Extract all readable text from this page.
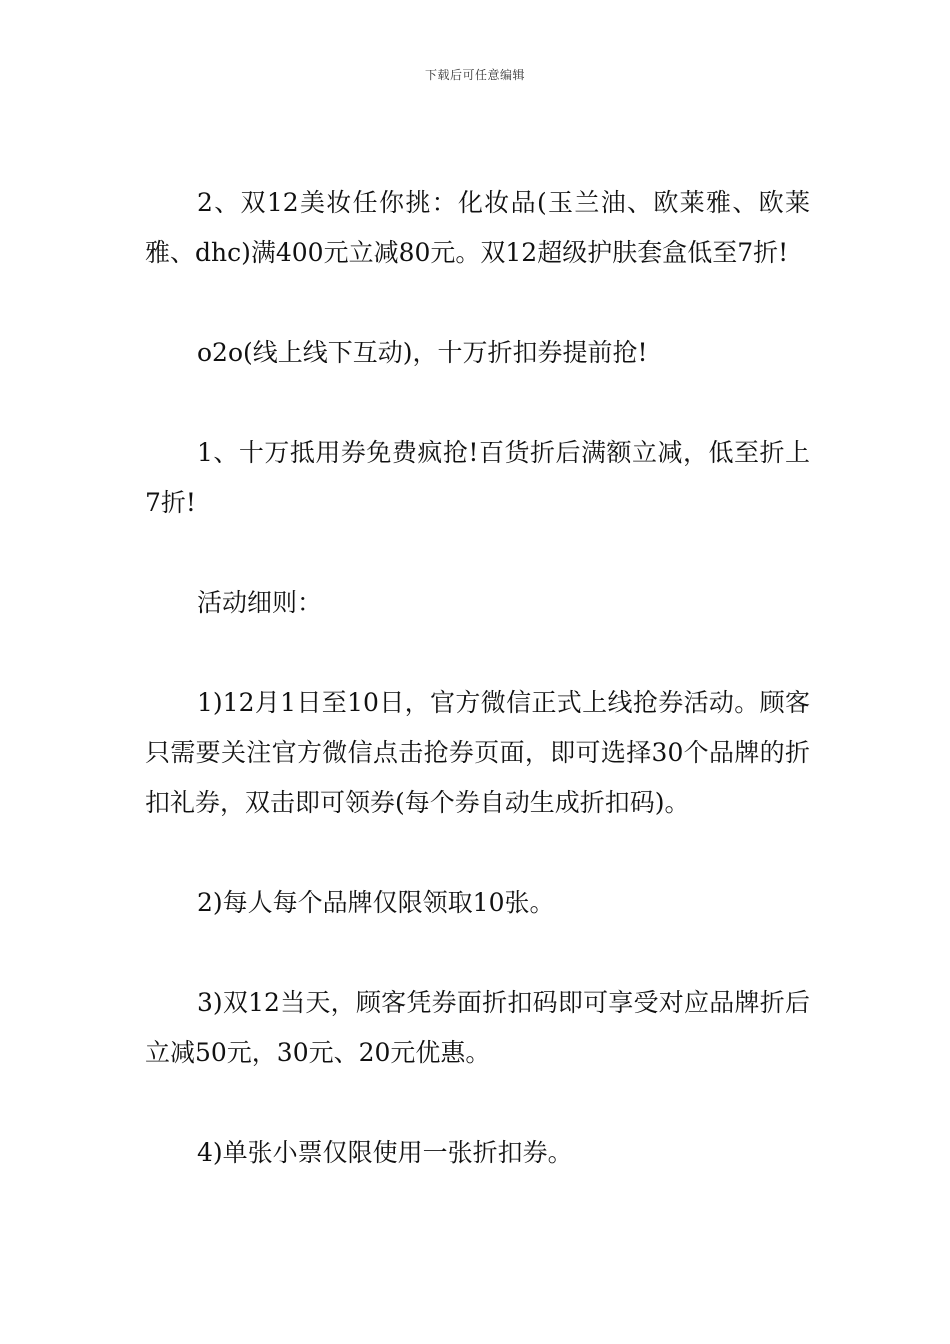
下载后可任意编辑

2、双12美妆任你挑：化妆品(玉兰油、欧莱雅、欧莱雅、dhc)满400元立减80元。双12超级护肤套盒低至7折!

o2o(线上线下互动)，十万折扣券提前抢!

1、十万抵用券免费疯抢!百货折后满额立减，低至折上7折!

活动细则：

1)12月1日至10日，官方微信正式上线抢券活动。顾客只需要关注官方微信点击抢券页面，即可选择30个品牌的折扣礼券，双击即可领券(每个券自动生成折扣码)。

2)每人每个品牌仅限领取10张。

3)双12当天，顾客凭券面折扣码即可享受对应品牌折后立减50元，30元、20元优惠。

4)单张小票仅限使用一张折扣券。
